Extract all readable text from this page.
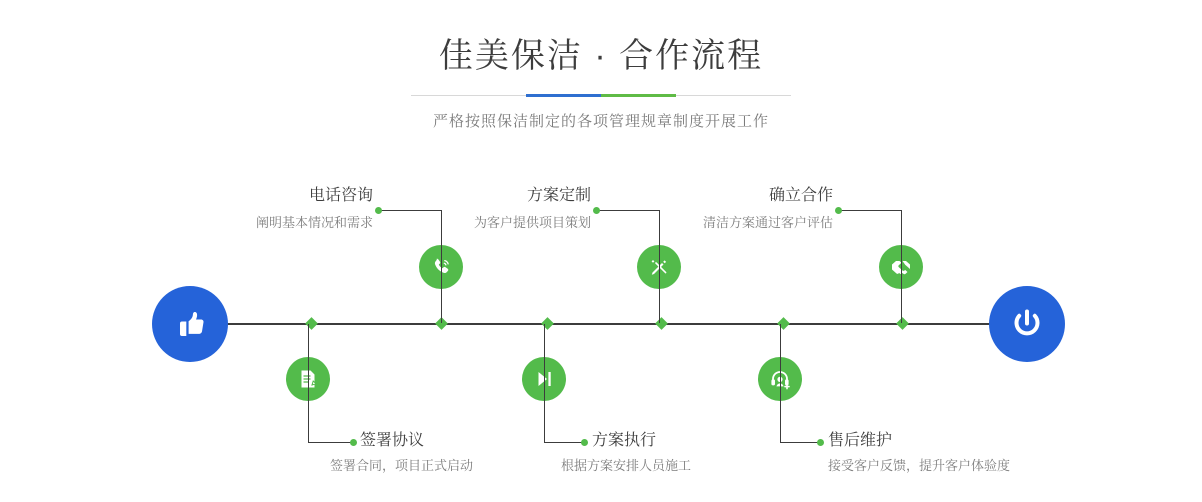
佳美保洁 · 合作流程
严格按照保洁制定的各项管理规章制度开展工作
电话咨询
阐明基本情况和需求
方案定制
为客户提供项目策划
确立合作
清洁方案通过客户评估
签署协议
签署合同，项目正式启动
方案执行
根据方案安排人员施工
售后维护
接受客户反馈，提升客户体验度
